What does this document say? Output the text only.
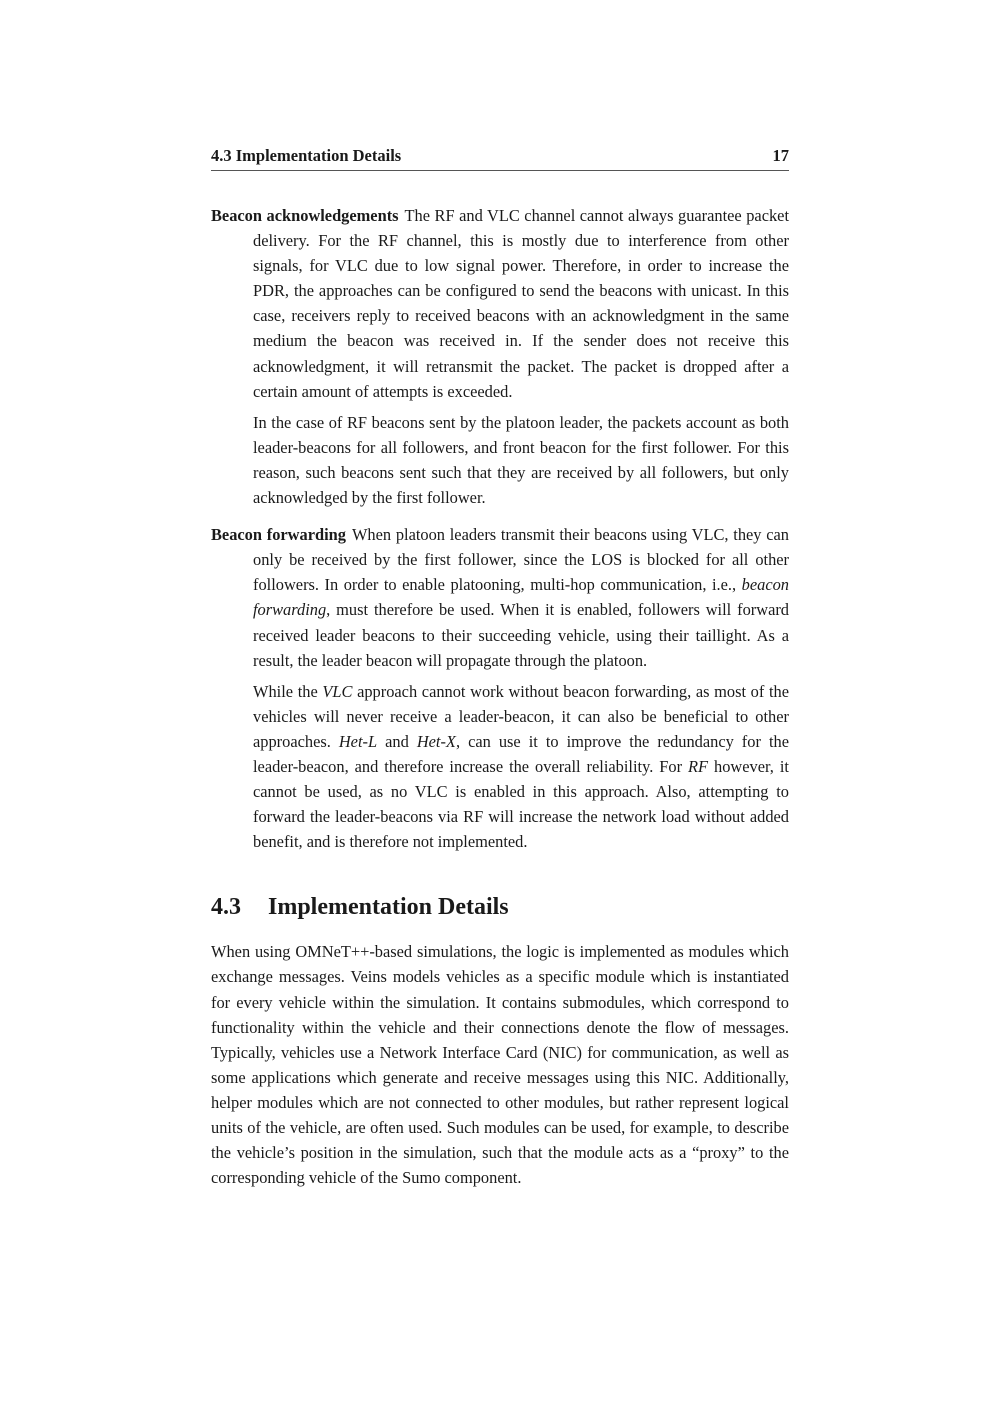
4.3 Implementation Details	17

Beacon acknowledgements The RF and VLC channel cannot always guarantee packet delivery. For the RF channel, this is mostly due to interference from other signals, for VLC due to low signal power. Therefore, in order to increase the PDR, the approaches can be configured to send the beacons with unicast. In this case, receivers reply to received beacons with an acknowledgment in the same medium the beacon was received in. If the sender does not receive this acknowledgment, it will retransmit the packet. The packet is dropped after a certain amount of attempts is exceeded.

In the case of RF beacons sent by the platoon leader, the packets account as both leader-beacons for all followers, and front beacon for the first follower. For this reason, such beacons sent such that they are received by all followers, but only acknowledged by the first follower.

Beacon forwarding When platoon leaders transmit their beacons using VLC, they can only be received by the first follower, since the LOS is blocked for all other followers. In order to enable platooning, multi-hop communication, i.e., beacon forwarding, must therefore be used. When it is enabled, followers will forward received leader beacons to their succeeding vehicle, using their taillight. As a result, the leader beacon will propagate through the platoon.

While the VLC approach cannot work without beacon forwarding, as most of the vehicles will never receive a leader-beacon, it can also be beneficial to other approaches. Het-L and Het-X, can use it to improve the redundancy for the leader-beacon, and therefore increase the overall reliability. For RF however, it cannot be used, as no VLC is enabled in this approach. Also, attempting to forward the leader-beacons via RF will increase the network load without added benefit, and is therefore not implemented.

4.3	Implementation Details

When using OMNeT++-based simulations, the logic is implemented as modules which exchange messages. Veins models vehicles as a specific module which is instantiated for every vehicle within the simulation. It contains submodules, which correspond to functionality within the vehicle and their connections denote the flow of messages. Typically, vehicles use a Network Interface Card (NIC) for communication, as well as some applications which generate and receive messages using this NIC. Additionally, helper modules which are not connected to other modules, but rather represent logical units of the vehicle, are often used. Such modules can be used, for example, to describe the vehicle’s position in the simulation, such that the module acts as a “proxy” to the corresponding vehicle of the Sumo component.
